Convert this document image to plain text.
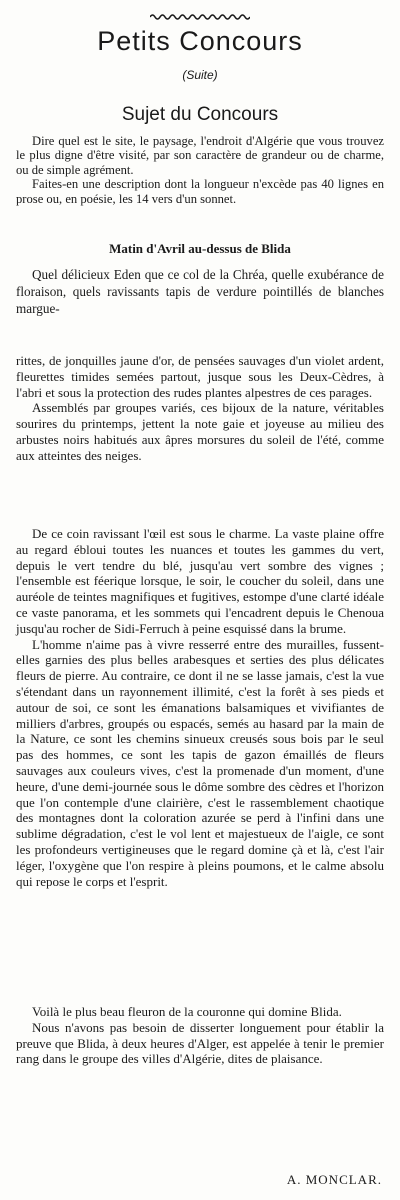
Petits Concours
(Suite)
Sujet du Concours

Dire quel est le site, le paysage, l'endroit d'Algérie que vous trouvez le plus digne d'être visité, par son caractère de grandeur ou de charme, ou de simple agrément.

Faites-en une description dont la longueur n'excède pas 40 lignes en prose ou, en poésie, les 14 vers d'un sonnet.

Matin d'Avril au-dessus de Blida

Quel délicieux Eden que ce col de la Chréa, quelle exubérance de floraison, quels ravissants tapis de verdure pointillés de blanches margue-

rittes, de jonquilles jaune d'or, de pensées sauvages d'un violet ardent, fleurettes timides semées partout, jusque sous les Deux-Cèdres, à l'abri et sous la protection des rudes plantes alpestres de ces parages.

Assemblés par groupes variés, ces bijoux de la nature, véritables sourires du printemps, jettent la note gaie et joyeuse au milieu des arbustes noirs habitués aux âpres morsures du soleil de l'été, comme aux atteintes des neiges.

De ce coin ravissant l'œil est sous le charme. La vaste plaine offre au regard ébloui toutes les nuances et toutes les gammes du vert, depuis le vert tendre du blé, jusqu'au vert sombre des vignes ; l'ensemble est féerique lorsque, le soir, le coucher du soleil, dans une auréole de teintes magnifiques et fugitives, estompe d'une clarté idéale ce vaste panorama, et les sommets qui l'encadrent depuis le Chenoua jusqu'au rocher de Sidi-Ferruch à peine esquissé dans la brume.

L'homme n'aime pas à vivre resserré entre des murailles, fussent-elles garnies des plus belles arabesques et serties des plus délicates fleurs de pierre. Au contraire, ce dont il ne se lasse jamais, c'est la vue s'étendant dans un rayonnement illimité, c'est la forêt à ses pieds et autour de soi, ce sont les émanations balsamiques et vivifiantes de milliers d'arbres, groupés ou espacés, semés au hasard par la main de la Nature, ce sont les chemins sinueux creusés sous bois par le seul pas des hommes, ce sont les tapis de gazon émaillés de fleurs sauvages aux couleurs vives, c'est la promenade d'un moment, d'une heure, d'une demi-journée sous le dôme sombre des cèdres et l'horizon que l'on contemple d'une clairière, c'est le rassemblement chaotique des montagnes dont la coloration azurée se perd à l'infini dans une sublime dégradation, c'est le vol lent et majestueux de l'aigle, ce sont les profondeurs vertigineuses que le regard domine çà et là, c'est l'air léger, l'oxygène que l'on respire à pleins poumons, et le calme absolu qui repose le corps et l'esprit.

Voilà le plus beau fleuron de la couronne qui domine Blida.

Nous n'avons pas besoin de disserter longuement pour établir la preuve que Blida, à deux heures d'Alger, est appelée à tenir le premier rang dans le groupe des villes d'Algérie, dites de plaisance.

A. MONCLAR.
